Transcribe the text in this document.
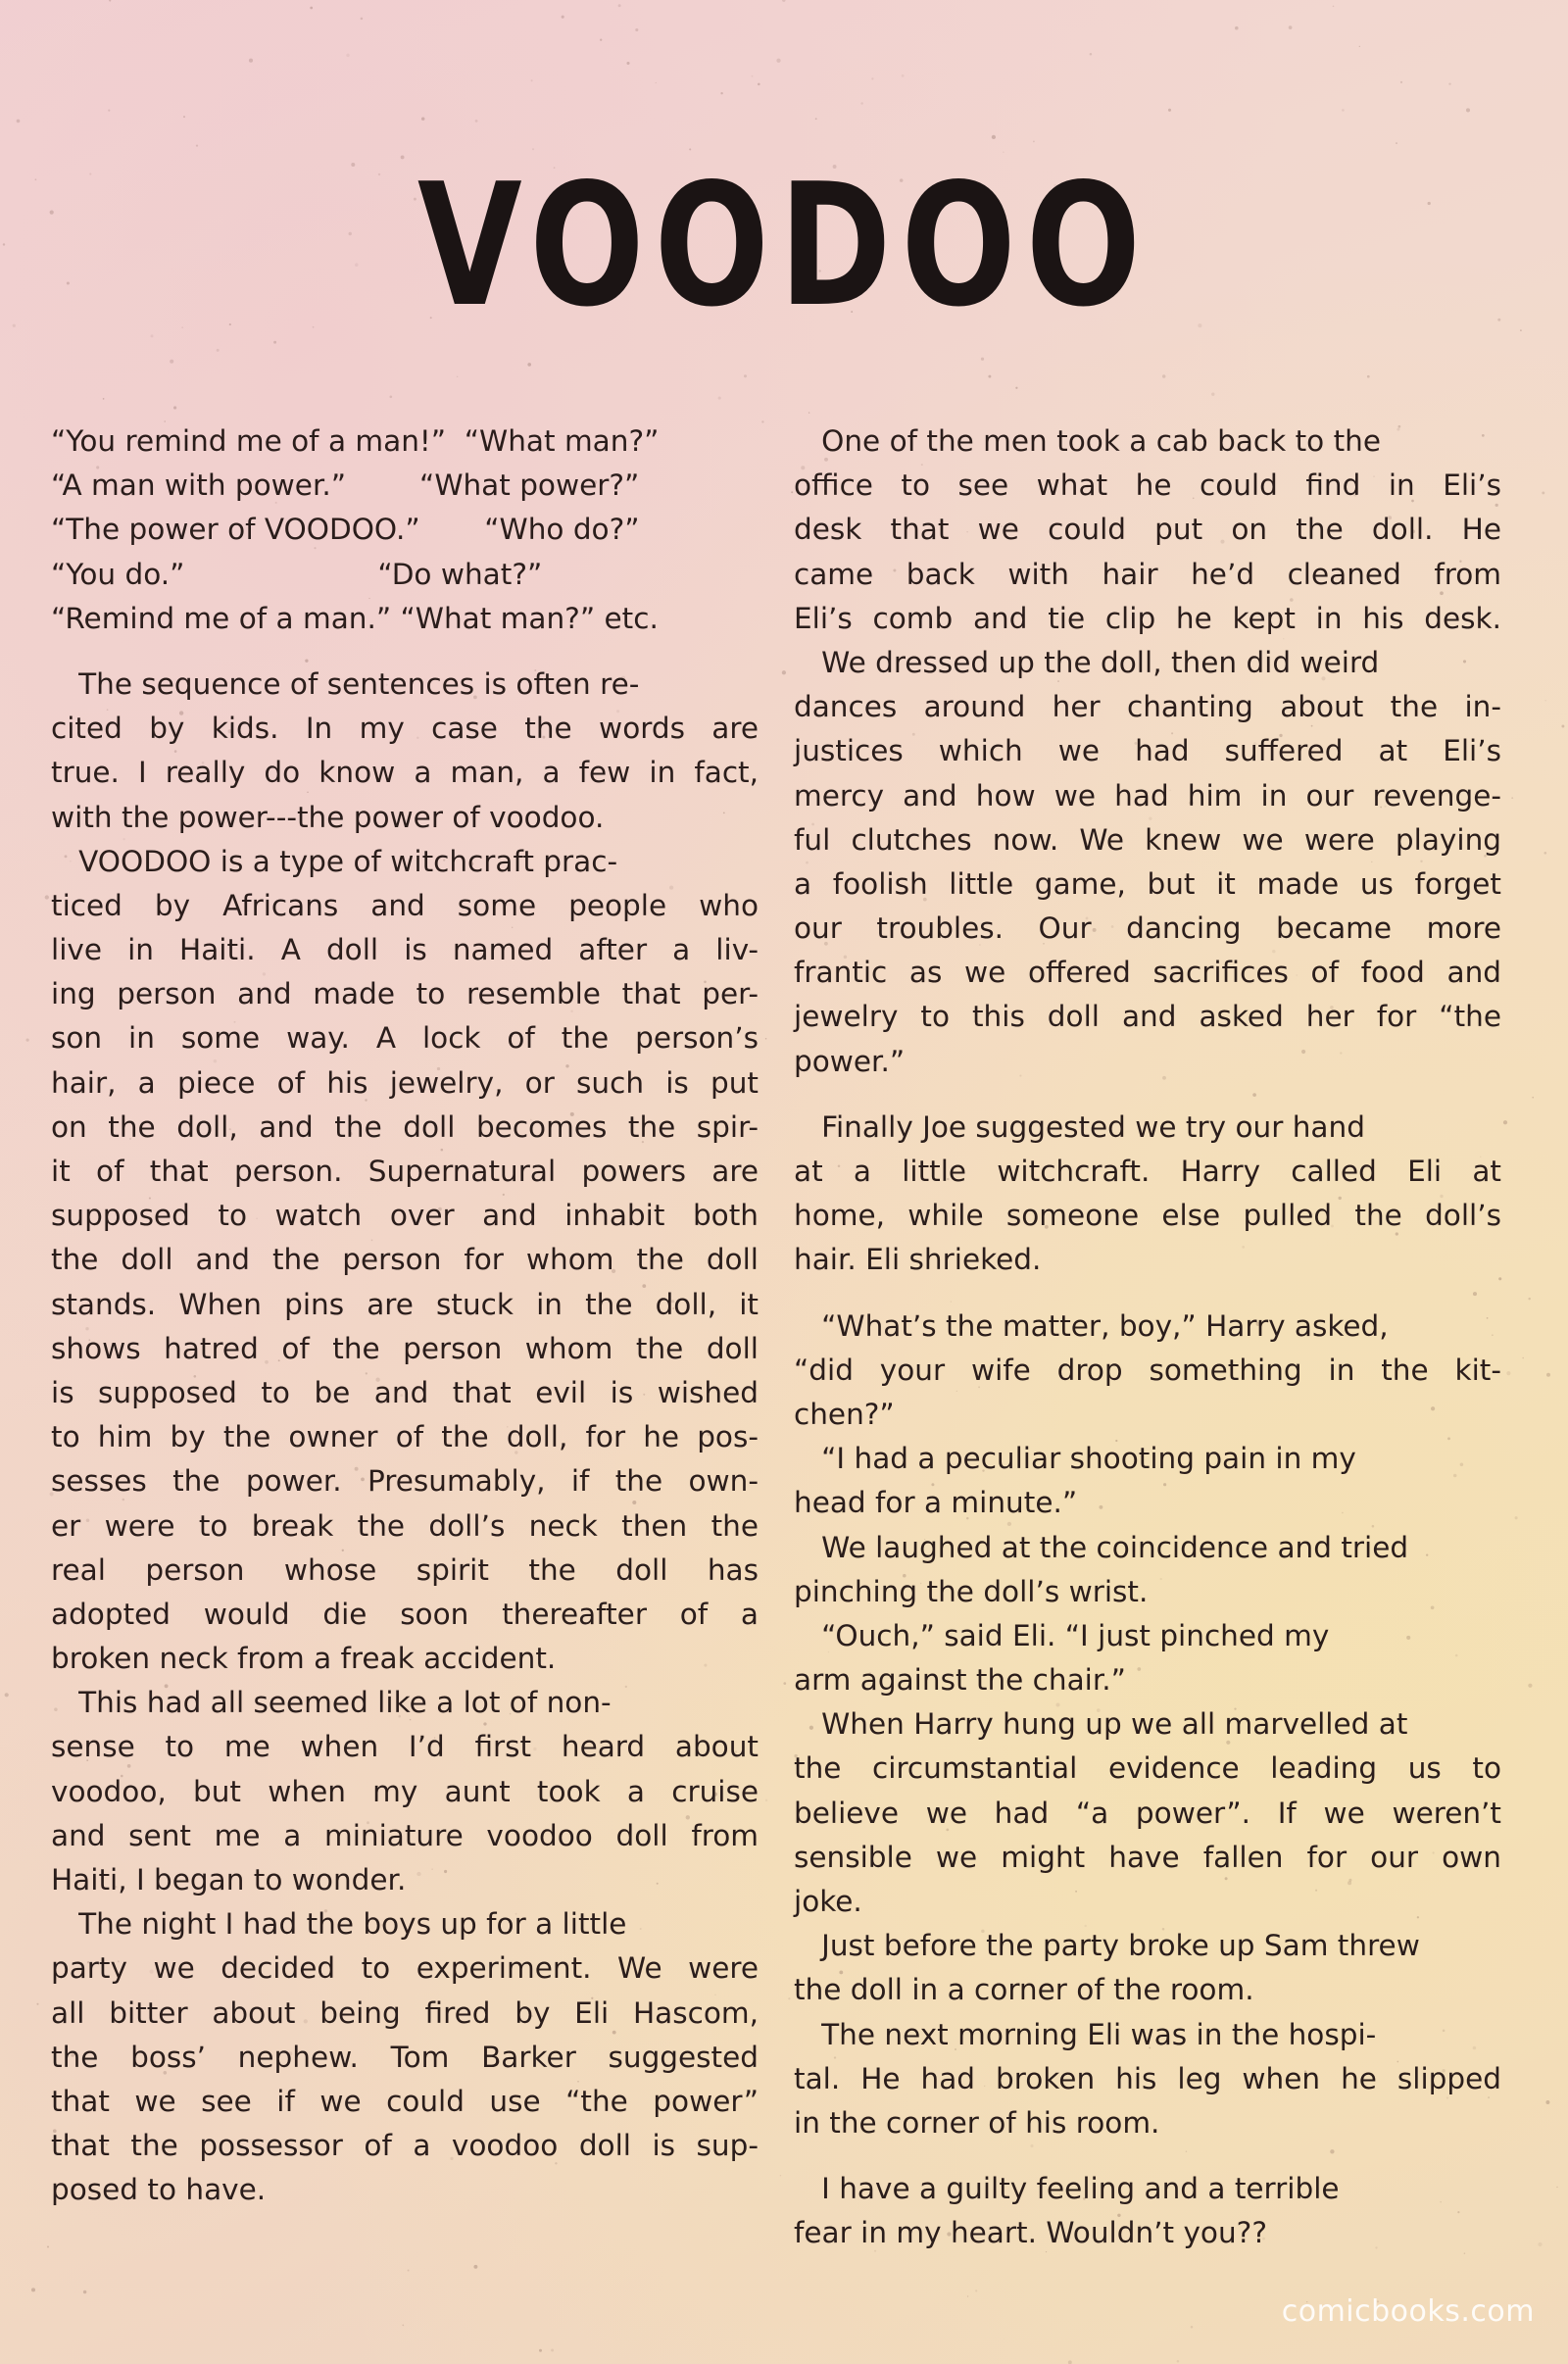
VOODOO
“You remind me of a man!”  “What man?”
“A man with power.”        “What power?”
“The power of VOODOO.”       “Who do?”
“You do.”                     “Do what?”
“Remind me of a man.” “What man?” etc.
The sequence of sentences is often re-
cited by kids. In my case the words are
true. I really do know a man, a few in fact,
with the power---the power of voodoo.
VOODOO is a type of witchcraft prac-
ticed by Africans and some people who
live in Haiti. A doll is named after a liv-
ing person and made to resemble that per-
son in some way. A lock of the person’s
hair, a piece of his jewelry, or such is put
on the doll, and the doll becomes the spir-
it of that person. Supernatural powers are
supposed to watch over and inhabit both
the doll and the person for whom the doll
stands. When pins are stuck in the doll, it
shows hatred of the person whom the doll
is supposed to be and that evil is wished
to him by the owner of the doll, for he pos-
sesses the power. Presumably, if the own-
er were to break the doll’s neck then the
real person whose spirit the doll has
adopted would die soon thereafter of a
broken neck from a freak accident.
This had all seemed like a lot of non-
sense to me when I’d first heard about
voodoo, but when my aunt took a cruise
and sent me a miniature voodoo doll from
Haiti, I began to wonder.
The night I had the boys up for a little
party we decided to experiment. We were
all bitter about being fired by Eli Hascom,
the boss’ nephew. Tom Barker suggested
that we see if we could use “the power”
that the possessor of a voodoo doll is sup-
posed to have.
One of the men took a cab back to the
office to see what he could find in Eli’s
desk that we could put on the doll. He
came back with hair he’d cleaned from
Eli’s comb and tie clip he kept in his desk.
We dressed up the doll, then did weird
dances around her chanting about the in-
justices which we had suffered at Eli’s
mercy and how we had him in our revenge-
ful clutches now. We knew we were playing
a foolish little game, but it made us forget
our troubles. Our dancing became more
frantic as we offered sacrifices of food and
jewelry to this doll and asked her for “the
power.”
Finally Joe suggested we try our hand
at a little witchcraft. Harry called Eli at
home, while someone else pulled the doll’s
hair. Eli shrieked.
“What’s the matter, boy,” Harry asked,
“did your wife drop something in the kit-
chen?”
“I had a peculiar shooting pain in my
head for a minute.”
We laughed at the coincidence and tried
pinching the doll’s wrist.
“Ouch,” said Eli. “I just pinched my
arm against the chair.”
When Harry hung up we all marvelled at
the circumstantial evidence leading us to
believe we had “a power”. If we weren’t
sensible we might have fallen for our own
joke.
Just before the party broke up Sam threw
the doll in a corner of the room.
The next morning Eli was in the hospi-
tal. He had broken his leg when he slipped
in the corner of his room.
I have a guilty feeling and a terrible
fear in my heart. Wouldn’t you??
comicbooks.com
